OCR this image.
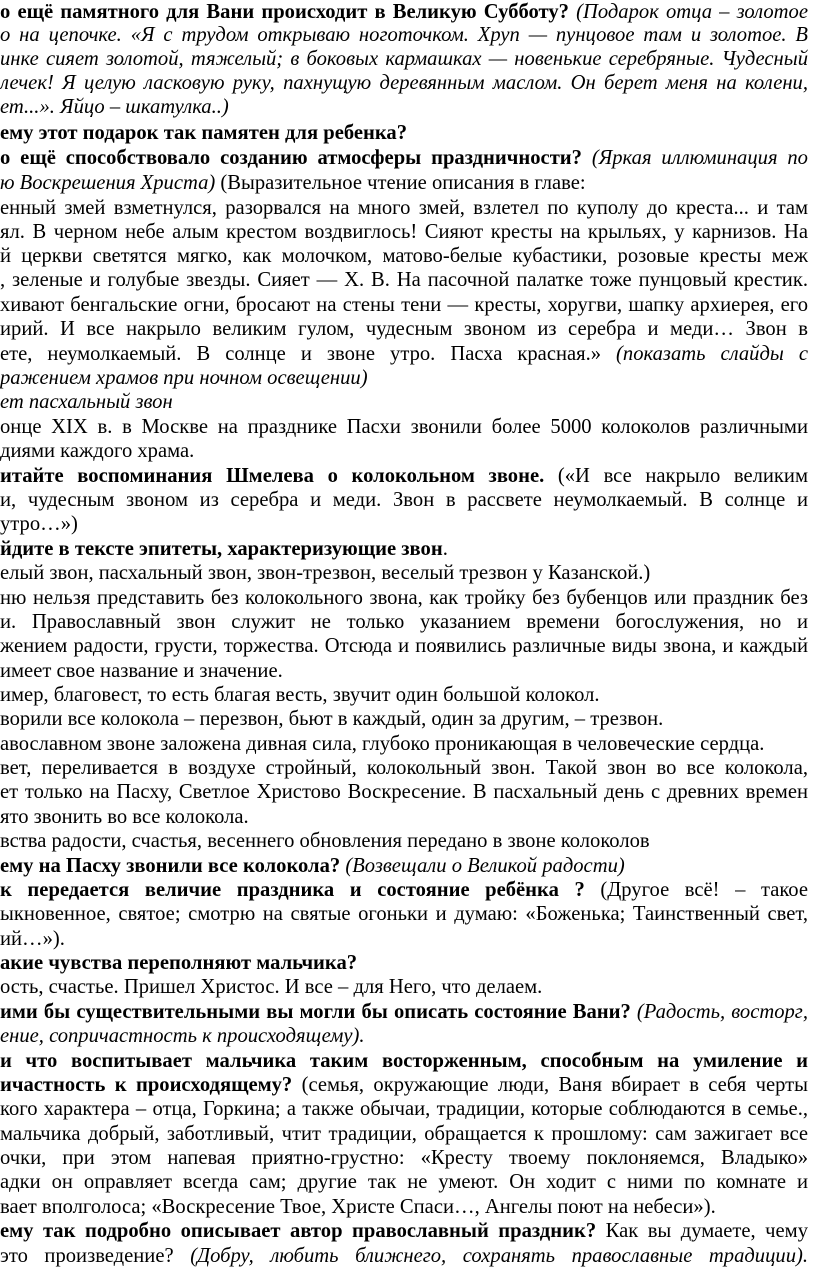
о ещё памятного для Вани происходит в Великую Субботу? (Подарок отца – золотое
о на цепочке. «Я с трудом открываю ноготочком. Хруп — пунцовое там и золотое. В
инке сияет золотой, тяжелый; в боковых кармашках — новенькие серебряные. Чудесный
лечек! Я целую ласковую руку, пахнущую деревянным маслом. Он берет меня на колени,
ет...». Яйцо – шкатулка..)
ему этот подарок так памятен для ребенка?
о ещё способствовало созданию атмосферы праздничности? (Яркая иллюминация по
ю Воскрешения Христа) (Выразительное чтение описания в главе:
енный змей взметнулся, разорвался на много змей, взлетел по куполу до креста... и там
ял. В черном небе алым крестом воздвиглось! Сияют кресты на крыльях, у карнизов. На
й церкви светятся мягко, как молочком, матово-белые кубастики, розовые кресты меж
, зеленые и голубые звезды. Сияет — Х. В. На пасочной палатке тоже пунцовый крестик.
хивают бенгальские огни, бросают на стены тени — кресты, хоругви, шапку архиерея, его
ирий. И все накрыло великим гулом, чудесным звоном из серебра и меди… Звон в
ете, неумолкаемый. В солнце и звоне утро. Пасха красная.» (показать слайды с
ражением храмов при ночном освещении)
ет пасхальный звон
онце XIX в. в Москве на празднике Пасхи звонили более 5000 колоколов различными
диями каждого храма.
итайте воспоминания Шмелева о колокольном звоне. («И все накрыло великим
и, чудесным звоном из серебра и меди. Звон в рассвете неумолкаемый. В солнце и
утро…»)
йдите в тексте эпитеты, характеризующие звон.
елый звон, пасхальный звон, звон-трезвон, веселый трезвон у Казанской.)
ню нельзя представить без колокольного звона, как тройку без бубенцов или праздник без
и. Православный звон служит не только указанием времени богослужения, но и
жением радости, грусти, торжества. Отсюда и появились различные виды звона, и каждый
имеет свое название и значение.
имер, благовест, то есть благая весть, звучит один большой колокол.
ворили все колокола – перезвон, бьют в каждый, один за другим, – трезвон.
авославном звоне заложена дивная сила, глубоко проникающая в человеческие сердца.
вет, переливается в воздухе стройный, колокольный звон. Такой звон во все колокола,
ет только на Пасху, Светлое Христово Воскресение. В пасхальный день с древних времен
ято звонить во все колокола.
вства радости, счастья, весеннего обновления передано в звоне колоколов
ему на Пасху звонили все колокола? (Возвещали о Великой радости)
к передается величие праздника и состояние ребёнка ? (Другое всё! – такое
ыкновенное, святое; смотрю на святые огоньки и думаю: «Боженька; Таинственный свет,
ий…»).
акие чувства переполняют мальчика?
ость, счастье. Пришел Христос. И все – для Него, что делаем.
ими бы существительными вы могли бы описать состояние Вани? (Радость, восторг,
ение, сопричастность к происходящему).
и что воспитывает мальчика таким восторженным, способным на умиление и
ичастность к происходящему? (семья, окружающие люди, Ваня вбирает в себя черты
кого характера – отца, Горкина; а также обычаи, традиции, которые соблюдаются в семье.,
мальчика добрый, заботливый, чтит традиции, обращается к прошлому: сам зажигает все
очки, при этом напевая приятно-грустно: «Кресту твоему поклоняемся, Владыко»
адки он оправляет всегда сам; другие так не умеют. Он ходит с ними по комнате и
вает вполголоса; «Воскресение Твое, Христе Спаси…, Ангелы поют на небеси»).
ему так подробно описывает автор православный праздник? Как вы думаете, чему
это произведение? (Добру, любить ближнего, сохранять православные традиции).
